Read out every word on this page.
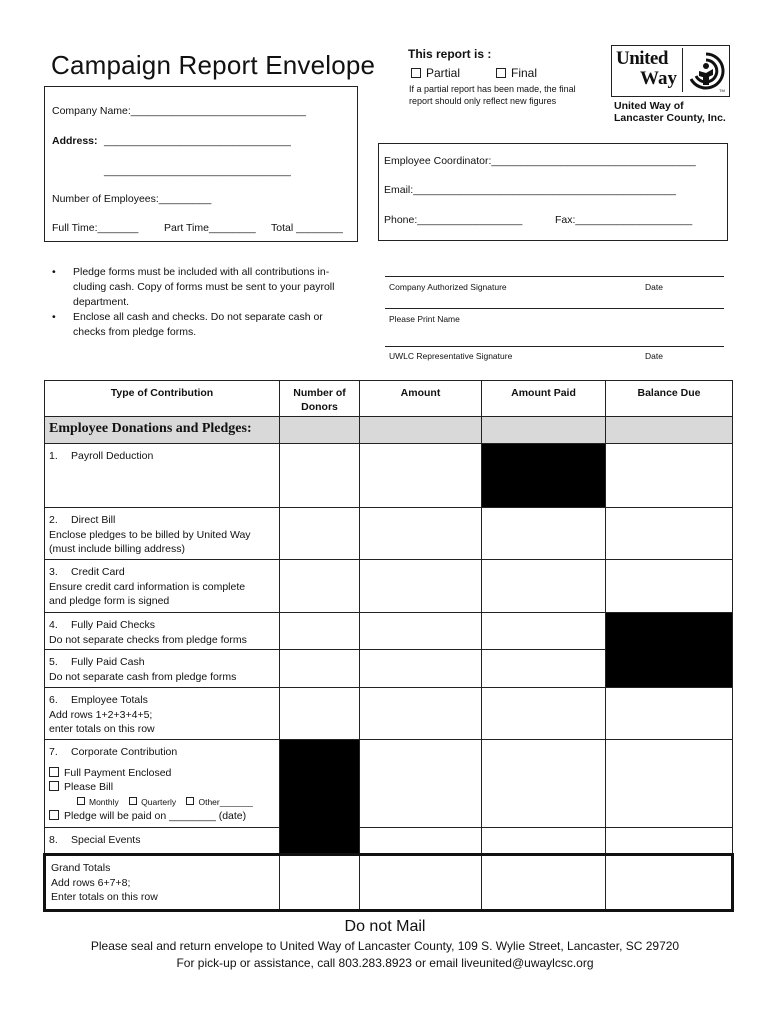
Campaign Report Envelope	This report is :
Partial	Final
If a partial report has been made, the final
report should only reflect new figures
United
Way
TM
United Way of
Lancaster County, Inc.
Company Name:______________________________
Address: ________________________________
________________________________
Number of Employees:_________
Full Time:_______ Part Time________ Total ________
Employee Coordinator:___________________________________
Email:_____________________________________________
Phone:__________________	Fax:____________________
• Pledge forms must be included with all contributions in-cluding cash. Copy of forms must be sent to your payroll department.
• Enclose all cash and checks. Do not separate cash or checks from pledge forms.
Company Authorized Signature	Date
Please Print Name
UWLC Representative Signature	Date
Type of Contribution	Number of Donors	Amount	Amount Paid	Balance Due

Employee Donations and Pledges:				

1. Payroll Deduction				

2. Direct Bill
Enclose pledges to be billed by United Way
(must include billing address)				

3. Credit Card
Ensure credit card information is complete
and pledge form is signed				

4. Fully Paid Checks
Do not separate checks from pledge forms				

5. Fully Paid Cash
Do not separate cash from pledge forms				

6. Employee Totals
Add rows 1+2+3+4+5;
enter totals on this row				

7. Corporate Contribution
Full Payment Enclosed
Please Bill
Monthly Quarterly Other_______
Pledge will be paid on ________ (date)				

8. Special Events				

Grand Totals
Add rows 6+7+8;
Enter totals on this row				

Do not Mail
Please seal and return envelope to United Way of Lancaster County, 109 S. Wylie Street, Lancaster, SC 29720
For pick-up or assistance, call 803.283.8923 or email liveunited@uwaylcsc.org
